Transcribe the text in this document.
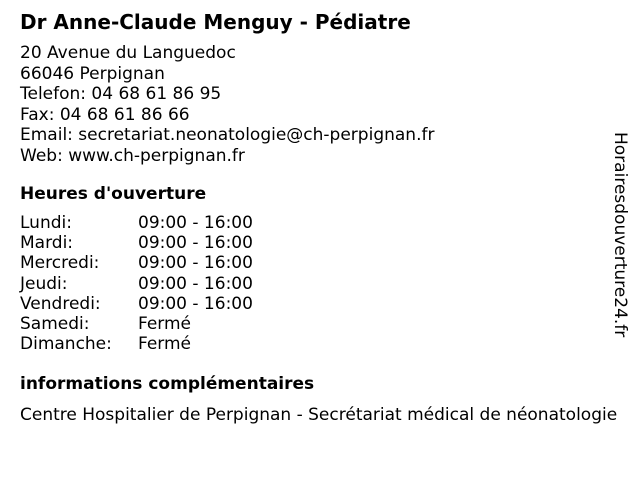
Dr Anne-Claude Menguy - Pédiatre
20 Avenue du Languedoc
66046 Perpignan
Telefon: 04 68 61 86 95
Fax: 04 68 61 86 66
Email: secretariat.neonatologie@ch-perpignan.fr
Web: www.ch-perpignan.fr
Heures d'ouverture
Lundi:	09:00 - 16:00
Mardi:	09:00 - 16:00
Mercredi: 09:00 - 16:00
Jeudi:	09:00 - 16:00
Vendredi: 09:00 - 16:00
Samedi:	Fermé
Dimanche: Fermé
informations complémentaires
Centre Hospitalier de Perpignan - Secrétariat médical de néonatologie
Horairesdouverture24.fr
